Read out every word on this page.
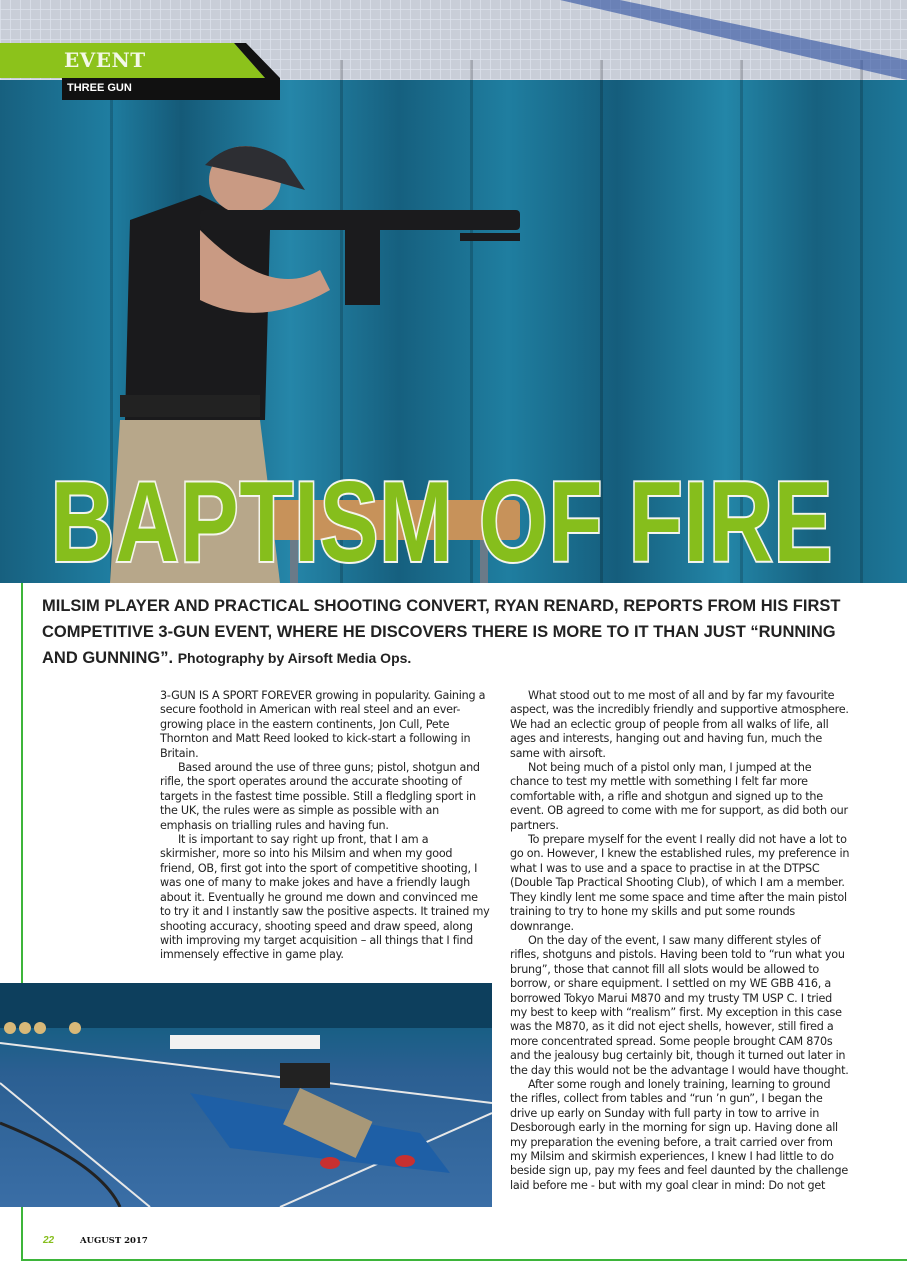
EVENT
THREE GUN
BAPTISM OF FIRE
MILSIM PLAYER AND PRACTICAL SHOOTING CONVERT, RYAN RENARD, REPORTS FROM HIS FIRST COMPETITIVE 3-GUN EVENT, WHERE HE DISCOVERS THERE IS MORE TO IT THAN JUST “RUNNING AND GUNNING”. Photography by Airsoft Media Ops.

3-GUN IS A SPORT FOREVER growing in popularity. Gaining a secure foothold in American with real steel and an ever-growing place in the eastern continents, Jon Cull, Pete Thornton and Matt Reed looked to kick-start a following in Britain.

Based around the use of three guns; pistol, shotgun and rifle, the sport operates around the accurate shooting of targets in the fastest time possible. Still a fledgling sport in the UK, the rules were as simple as possible with an emphasis on trialling rules and having fun.

It is important to say right up front, that I am a skirmisher, more so into his Milsim and when my good friend, OB, first got into the sport of competitive shooting, I was one of many to make jokes and have a friendly laugh about it. Eventually he ground me down and convinced me to try it and I instantly saw the positive aspects. It trained my shooting accuracy, shooting speed and draw speed, along with improving my target acquisition – all things that I find immensely effective in game play.

What stood out to me most of all and by far my favourite aspect, was the incredibly friendly and supportive atmosphere. We had an eclectic group of people from all walks of life, all ages and interests, hanging out and having fun, much the same with airsoft.

Not being much of a pistol only man, I jumped at the chance to test my mettle with something I felt far more comfortable with, a rifle and shotgun and signed up to the event. OB agreed to come with me for support, as did both our partners.

To prepare myself for the event I really did not have a lot to go on. However, I knew the established rules, my preference in what I was to use and a space to practise in at the DTPSC (Double Tap Practical Shooting Club), of which I am a member. They kindly lent me some space and time after the main pistol training to try to hone my skills and put some rounds downrange.

On the day of the event, I saw many different styles of rifles, shotguns and pistols. Having been told to “run what you brung”, those that cannot fill all slots would be allowed to borrow, or share equipment. I settled on my WE GBB 416, a borrowed Tokyo Marui M870 and my trusty TM USP C. I tried my best to keep with “realism” first. My exception in this case was the M870, as it did not eject shells, however, still fired a more concentrated spread. Some people brought CAM 870s and the jealousy bug certainly bit, though it turned out later in the day this would not be the advantage I would have thought.

After some rough and lonely training, learning to ground the rifles, collect from tables and “run ’n gun”, I began the drive up early on Sunday with full party in tow to arrive in Desborough early in the morning for sign up. Having done all my preparation the evening before, a trait carried over from my Milsim and skirmish experiences, I knew I had little to do beside sign up, pay my fees and feel daunted by the challenge laid before me - but with my goal clear in mind: Do not get

22	AUGUST 2017
